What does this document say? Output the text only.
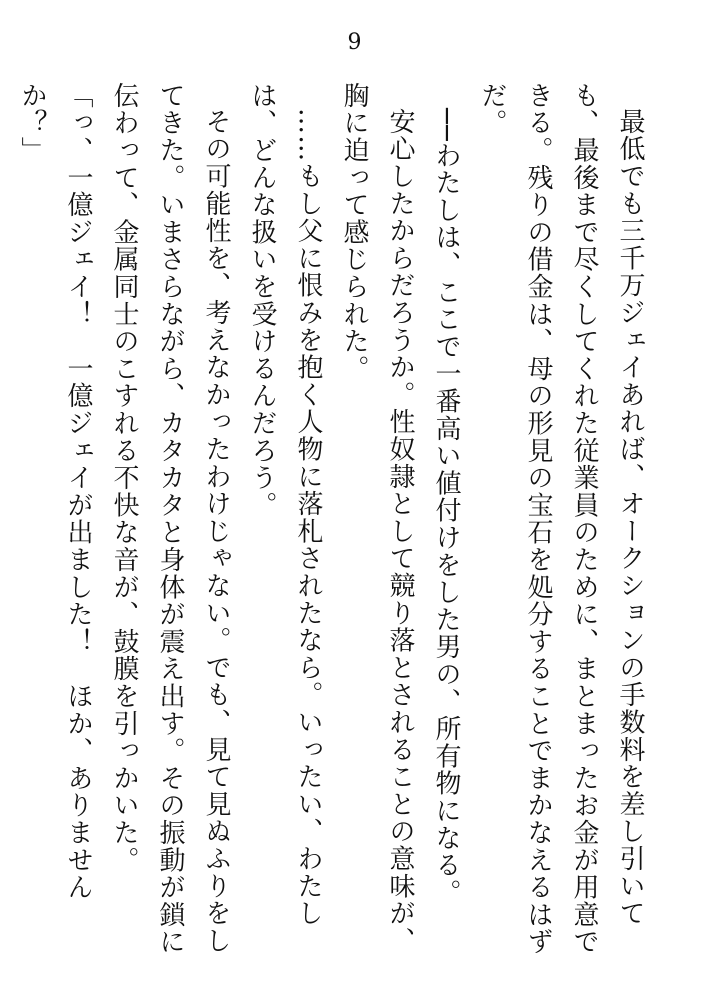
9

最低でも三千万ジェイあれば、オークションの手数料を差し引いても、最後まで尽くしてくれた従業員のために、まとまったお金が用意できる。残りの借金は、母の形見の宝石を処分することでまかなえるはずだ。

──わたしは、ここで一番高い値付けをした男の、所有物になる。

安心したからだろうか。性奴隷として競り落とされることの意味が、胸に迫って感じられた。

……もし父に恨みを抱く人物に落札されたなら。いったい、わたしは、どんな扱いを受けるんだろう。

その可能性を、考えなかったわけじゃない。でも、見て見ぬふりをしてきた。いまさらながら、カタカタと身体が震え出す。その振動が鎖に伝わって、金属同士のこすれる不快な音が、鼓膜を引っかいた。

「っ、一億ジェイ！　一億ジェイが出ました！　ほか、ありませんか？」
